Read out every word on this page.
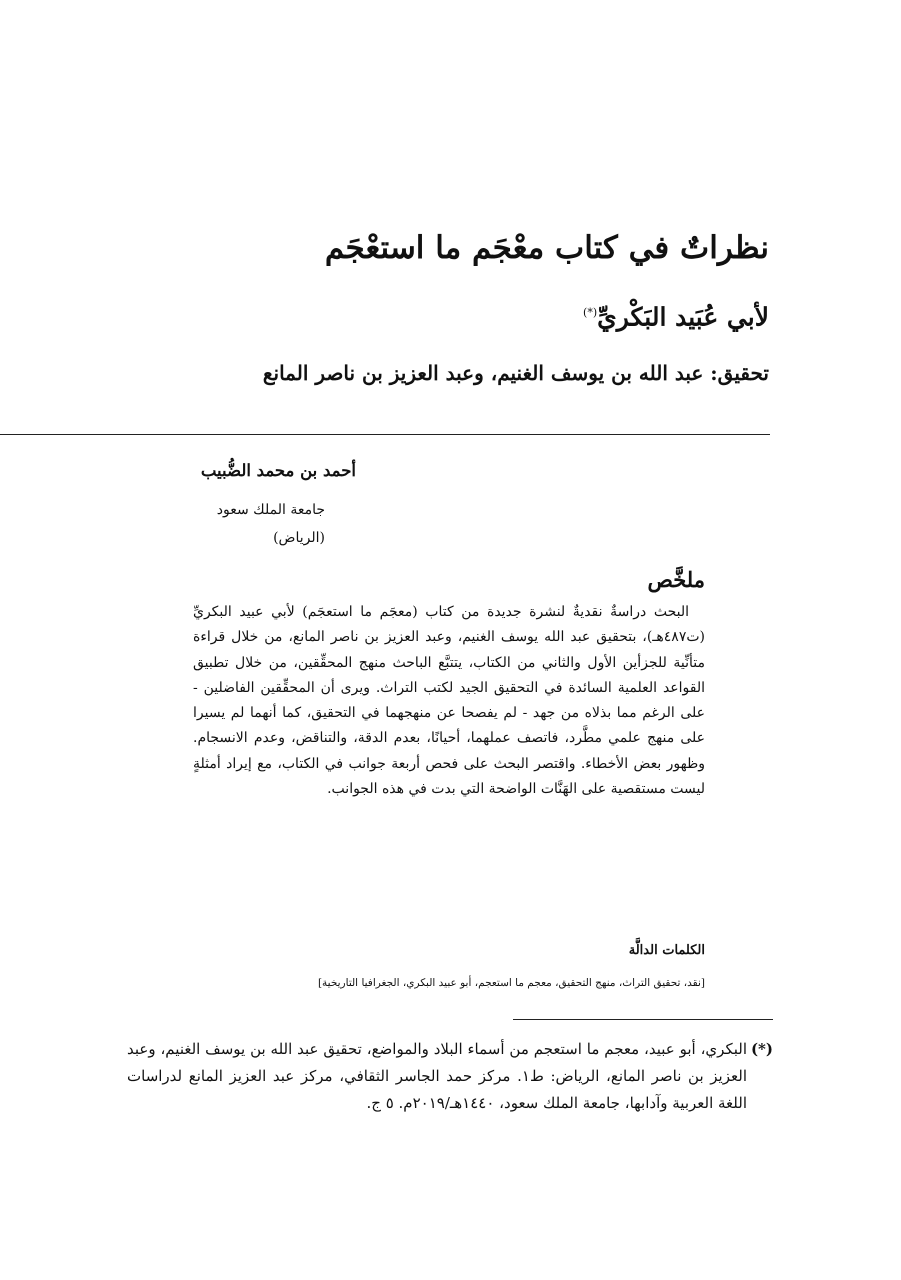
نظراتٌ في كتاب معْجَم ما استعْجَم
لأبي عُبَيد البَكْريِّ(*)
تحقيق: عبد الله بن يوسف الغنيم، وعبد العزيز بن ناصر المانع
أحمد بن محمد الضُّبيب
جامعة الملك سعود
(الرياض)
ملخَّص
البحث دراسةٌ نقديةٌ لنشرة جديدة من كتاب (معجَم ما استعجَم) لأبي عبيد البكريِّ (ت٤٨٧هـ)، بتحقيق عبد الله يوسف الغنيم، وعبد العزيز بن ناصر المانع، من خلال قراءة متأنِّية للجزأين الأول والثاني من الكتاب، يتتبَّع الباحث منهج المحقِّقين، من خلال تطبيق القواعد العلمية السائدة في التحقيق الجيد لكتب التراث. ويرى أن المحقِّقين الفاضلين - على الرغم مما بذلاه من جهد - لم يفصحا عن منهجهما في التحقيق، كما أنهما لم يسيرا على منهج علمي مطَّرد، فاتصف عملهما، أحيانًا، بعدم الدقة، والتناقض، وعدم الانسجام. وظهور بعض الأخطاء. واقتصر البحث على فحص أربعة جوانب في الكتاب، مع إيراد أمثلةٍ ليست مستقصية على الهَنَّات الواضحة التي بدت في هذه الجوانب.
الكلمات الدالَّة
[نقد، تحقيق التراث، منهج التحقيق، معجم ما استعجم، أبو عبيد البكري، الجغرافيا التاريخية]
(*)
البكري، أبو عبيد، معجم ما استعجم من أسماء البلاد والمواضع، تحقيق عبد الله بن يوسف الغنيم، وعبد العزيز بن ناصر المانع، الرياض: ط١. مركز حمد الجاسر الثقافي، مركز عبد العزيز المانع لدراسات اللغة العربية وآدابها، جامعة الملك سعود، ١٤٤٠هـ/٢٠١٩م. ٥ ج.
